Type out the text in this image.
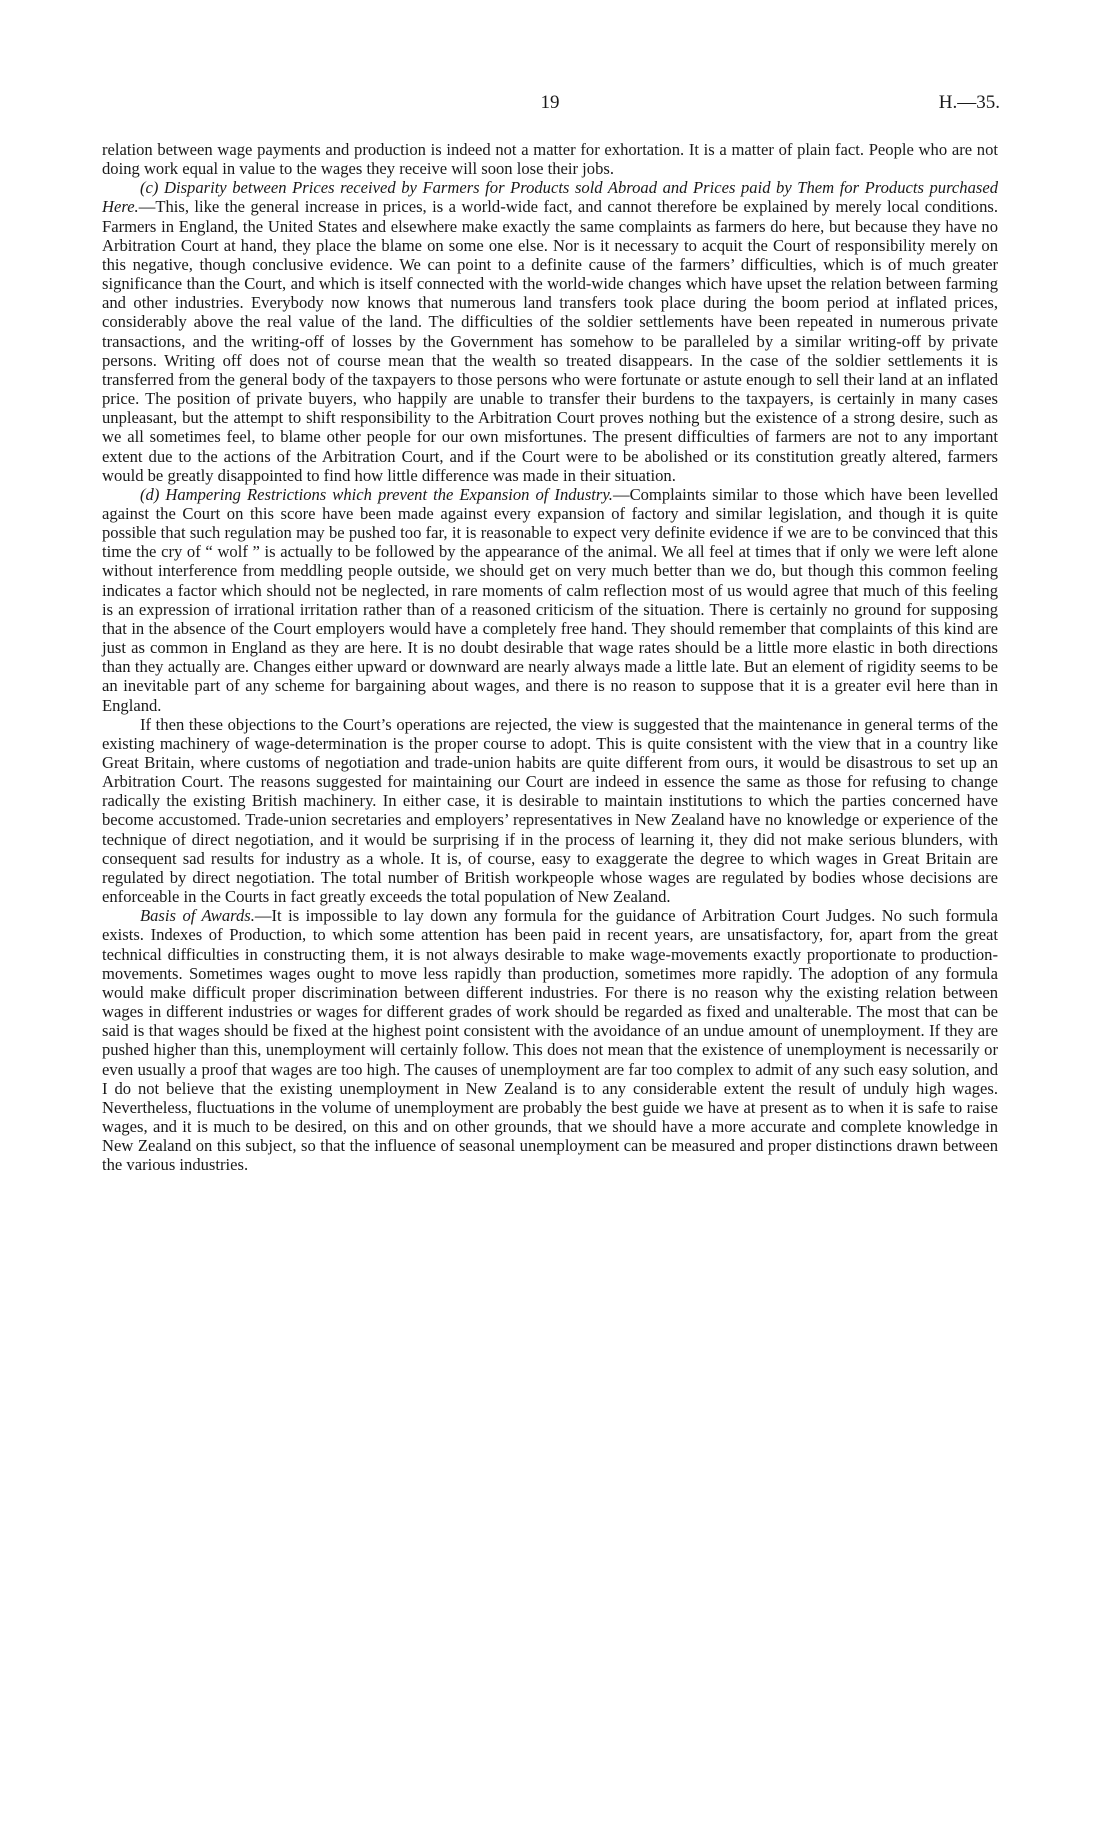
19	H.—35.

relation between wage payments and production is indeed not a matter for exhortation. It is a matter of plain fact. People who are not doing work equal in value to the wages they receive will soon lose their jobs.

(c) Disparity between Prices received by Farmers for Products sold Abroad and Prices paid by Them for Products purchased Here.—This, like the general increase in prices, is a world-wide fact, and cannot therefore be explained by merely local conditions. Farmers in England, the United States and elsewhere make exactly the same complaints as farmers do here, but because they have no Arbitration Court at hand, they place the blame on some one else. Nor is it necessary to acquit the Court of responsibility merely on this negative, though conclusive evidence. We can point to a definite cause of the farmers’ difficulties, which is of much greater significance than the Court, and which is itself connected with the world-wide changes which have upset the relation between farming and other industries. Everybody now knows that numerous land transfers took place during the boom period at inflated prices, considerably above the real value of the land. The difficulties of the soldier settlements have been repeated in numerous private transactions, and the writing-off of losses by the Government has somehow to be paralleled by a similar writing-off by private persons. Writing off does not of course mean that the wealth so treated disappears. In the case of the soldier settlements it is transferred from the general body of the taxpayers to those persons who were fortunate or astute enough to sell their land at an inflated price. The position of private buyers, who happily are unable to transfer their burdens to the taxpayers, is certainly in many cases unpleasant, but the attempt to shift responsibility to the Arbitration Court proves nothing but the existence of a strong desire, such as we all sometimes feel, to blame other people for our own misfortunes. The present difficulties of farmers are not to any important extent due to the actions of the Arbitration Court, and if the Court were to be abolished or its constitution greatly altered, farmers would be greatly disappointed to find how little difference was made in their situation.

(d) Hampering Restrictions which prevent the Expansion of Industry.—Complaints similar to those which have been levelled against the Court on this score have been made against every expansion of factory and similar legislation, and though it is quite possible that such regulation may be pushed too far, it is reasonable to expect very definite evidence if we are to be convinced that this time the cry of “ wolf ” is actually to be followed by the appearance of the animal. We all feel at times that if only we were left alone without interference from meddling people outside, we should get on very much better than we do, but though this common feeling indicates a factor which should not be neglected, in rare moments of calm reflection most of us would agree that much of this feeling is an expression of irrational irritation rather than of a reasoned criticism of the situation. There is certainly no ground for supposing that in the absence of the Court employers would have a completely free hand. They should remember that complaints of this kind are just as common in England as they are here. It is no doubt desirable that wage rates should be a little more elastic in both directions than they actually are. Changes either upward or downward are nearly always made a little late. But an element of rigidity seems to be an inevitable part of any scheme for bargaining about wages, and there is no reason to suppose that it is a greater evil here than in England.

If then these objections to the Court’s operations are rejected, the view is suggested that the maintenance in general terms of the existing machinery of wage-determination is the proper course to adopt. This is quite consistent with the view that in a country like Great Britain, where customs of negotiation and trade-union habits are quite different from ours, it would be disastrous to set up an Arbitration Court. The reasons suggested for maintaining our Court are indeed in essence the same as those for refusing to change radically the existing British machinery. In either case, it is desirable to maintain institutions to which the parties concerned have become accustomed. Trade-union secretaries and employers’ representatives in New Zealand have no knowledge or experience of the technique of direct negotiation, and it would be surprising if in the process of learning it, they did not make serious blunders, with consequent sad results for industry as a whole. It is, of course, easy to exaggerate the degree to which wages in Great Britain are regulated by direct negotiation. The total number of British workpeople whose wages are regulated by bodies whose decisions are enforceable in the Courts in fact greatly exceeds the total population of New Zealand.

Basis of Awards.—It is impossible to lay down any formula for the guidance of Arbitration Court Judges. No such formula exists. Indexes of Production, to which some attention has been paid in recent years, are unsatisfactory, for, apart from the great technical difficulties in constructing them, it is not always desirable to make wage-movements exactly proportionate to production-movements. Sometimes wages ought to move less rapidly than production, sometimes more rapidly. The adoption of any formula would make difficult proper discrimination between different industries. For there is no reason why the existing relation between wages in different industries or wages for different grades of work should be regarded as fixed and unalterable. The most that can be said is that wages should be fixed at the highest point consistent with the avoidance of an undue amount of unemployment. If they are pushed higher than this, unemployment will certainly follow. This does not mean that the existence of unemployment is necessarily or even usually a proof that wages are too high. The causes of unemployment are far too complex to admit of any such easy solution, and I do not believe that the existing unemployment in New Zealand is to any considerable extent the result of unduly high wages. Nevertheless, fluctuations in the volume of unemployment are probably the best guide we have at present as to when it is safe to raise wages, and it is much to be desired, on this and on other grounds, that we should have a more accurate and complete knowledge in New Zealand on this subject, so that the influence of seasonal unemployment can be measured and proper distinctions drawn between the various industries.
